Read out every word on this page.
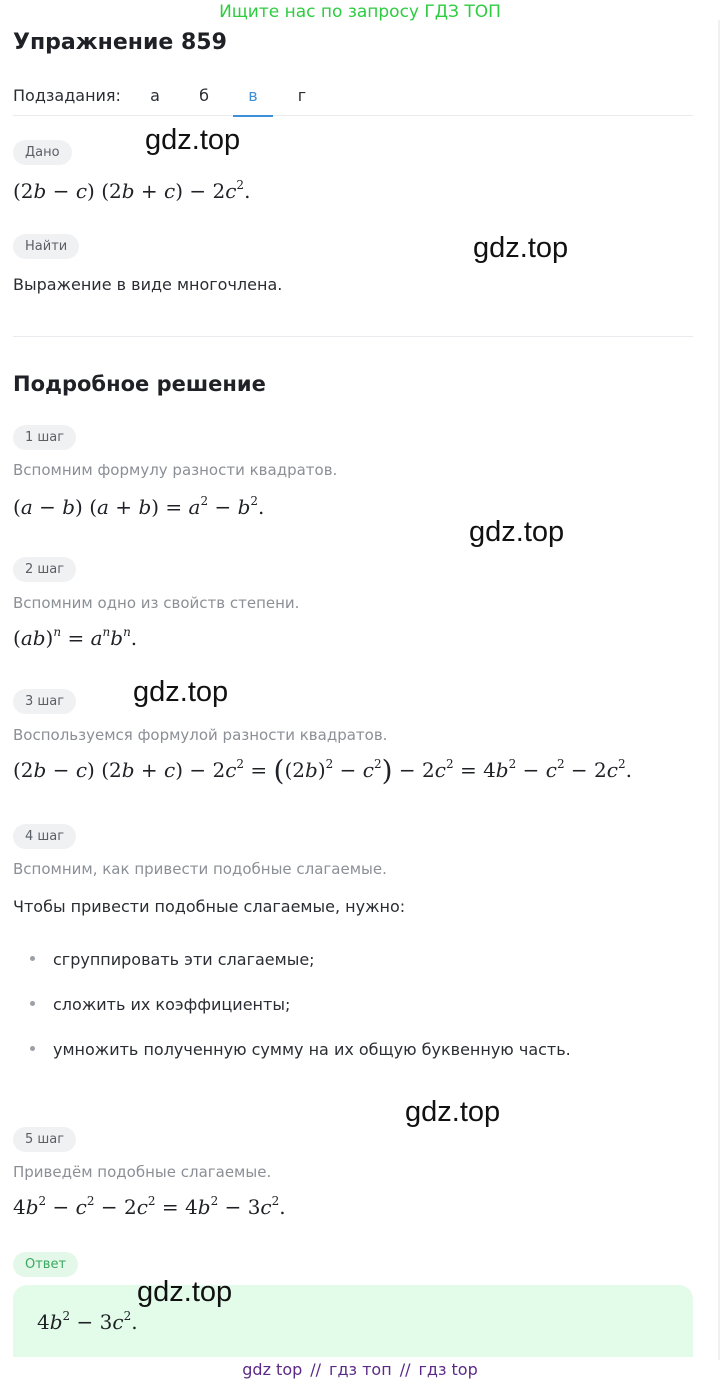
Ищите нас по запросу ГДЗ ТОП
Упражнение 859
Подзадания:	а	б	в	г
Дано
(2b − c) $(2b + c) - 2c^2$.
Найти

Выражение в виде многочлена.

Подробное решение
1 шаг

Вспомним формулу разности квадратов.

(a − b) $(a + b) = a^2 - b^2$.
2 шаг

Вспомним одно из свойств степени.

$(ab)^n = a^nb^n$.
3 шаг

Воспользуемся формулой разности квадратов.

(2b − c) $(2b + c) - 2c^2 = ((2b)^2 - c^2) - 2c^2 = 4b^2 - c^2 - 2c^2$.
4 шаг

Вспомним, как привести подобные слагаемые.

Чтобы привести подобные слагаемые, нужно:

сгруппировать эти слагаемые;
сложить их коэффициенты;
умножить полученную сумму на их общую буквенную часть.
5 шаг

Приведём подобные слагаемые.

$4b^2 - c^2 - 2c^2 = 4b^2 - 3c^2$.
Ответ
$4b^2 - 3c^2$.
gdz.top
gdz.top
gdz.top
gdz.top
gdz.top
gdz.top
gdz top // гдз топ // гдз top
